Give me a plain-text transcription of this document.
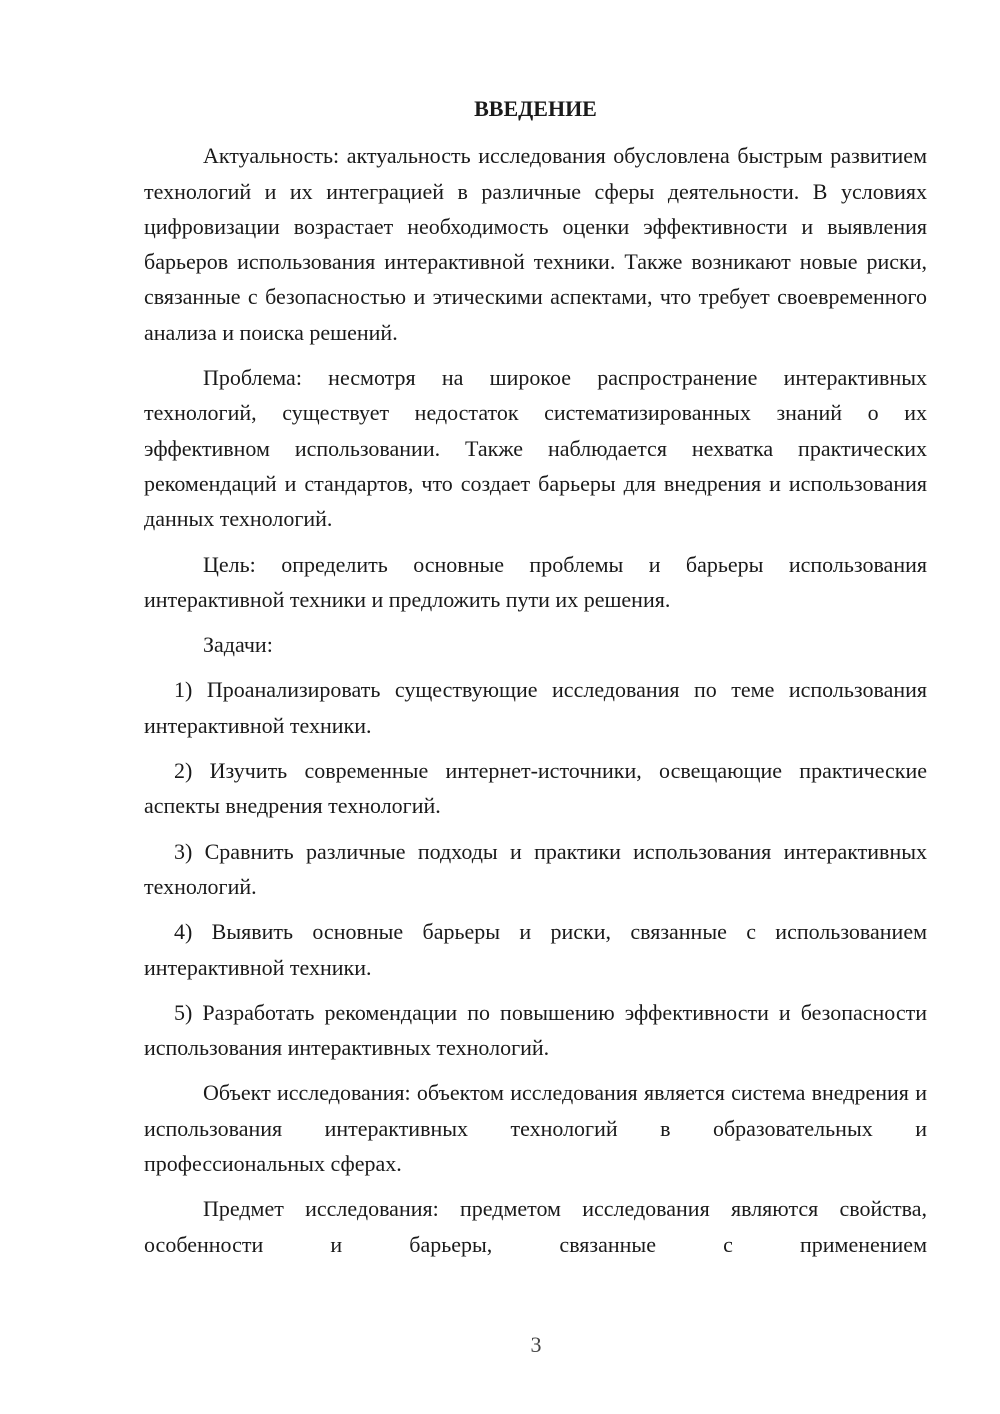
ВВЕДЕНИЕ

Актуальность: актуальность исследования обусловлена быстрым развитием технологий и их интеграцией в различные сферы деятельности. В условиях цифровизации возрастает необходимость оценки эффективности и выявления барьеров использования интерактивной техники. Также возникают новые риски, связанные с безопасностью и этическими аспектами, что требует своевременного анализа и поиска решений.

Проблема: несмотря на широкое распространение интерактивных технологий, существует недостаток систематизированных знаний о их эффективном использовании. Также наблюдается нехватка практических рекомендаций и стандартов, что создает барьеры для внедрения и использования данных технологий.

Цель: определить основные проблемы и барьеры использования интерактивной техники и предложить пути их решения.

Задачи:

1) Проанализировать существующие исследования по теме использования интерактивной техники.

2) Изучить современные интернет-источники, освещающие практические аспекты внедрения технологий.

3) Сравнить различные подходы и практики использования интерактивных технологий.

4) Выявить основные барьеры и риски, связанные с использованием интерактивной техники.

5) Разработать рекомендации по повышению эффективности и безопасности использования интерактивных технологий.

Объект исследования: объектом исследования является система внедрения и использования интерактивных технологий в образовательных и профессиональных сферах.

Предмет исследования: предметом исследования являются свойства, особенности и барьеры, связанные с применением

3
